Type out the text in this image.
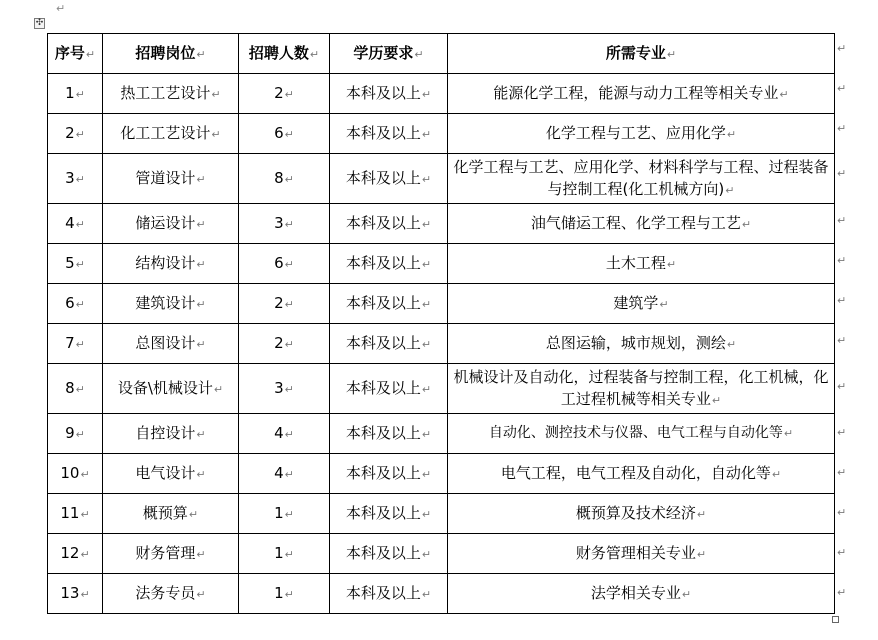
✣
↵
序号↵	招聘岗位↵	招聘人数↵	学历要求↵	所需专业↵
1↵	热工工艺设计↵	2↵	本科及以上↵	能源化学工程，能源与动力工程等相关专业↵
2↵	化工工艺设计↵	6↵	本科及以上↵	化学工程与工艺、应用化学↵
3↵	管道设计↵	8↵	本科及以上↵	化学工程与工艺、应用化学、材料科学与工程、过程装备与控制工程(化工机械方向)↵
4↵	储运设计↵	3↵	本科及以上↵	油气储运工程、化学工程与工艺↵
5↵	结构设计↵	6↵	本科及以上↵	土木工程↵
6↵	建筑设计↵	2↵	本科及以上↵	建筑学↵
7↵	总图设计↵	2↵	本科及以上↵	总图运输，城市规划，测绘↵
8↵	设备\机械设计↵	3↵	本科及以上↵	机械设计及自动化，过程装备与控制工程，化工机械，化工过程机械等相关专业↵
9↵	自控设计↵	4↵	本科及以上↵	自动化、测控技术与仪器、电气工程与自动化等↵
10↵	电气设计↵	4↵	本科及以上↵	电气工程，电气工程及自动化，自动化等↵
11↵	概预算↵	1↵	本科及以上↵	概预算及技术经济↵
12↵	财务管理↵	1↵	本科及以上↵	财务管理相关专业↵
13↵	法务专员↵	1↵	本科及以上↵	法学相关专业↵
↵
↵
↵
↵
↵
↵
↵
↵
↵
↵
↵
↵
↵
↵
